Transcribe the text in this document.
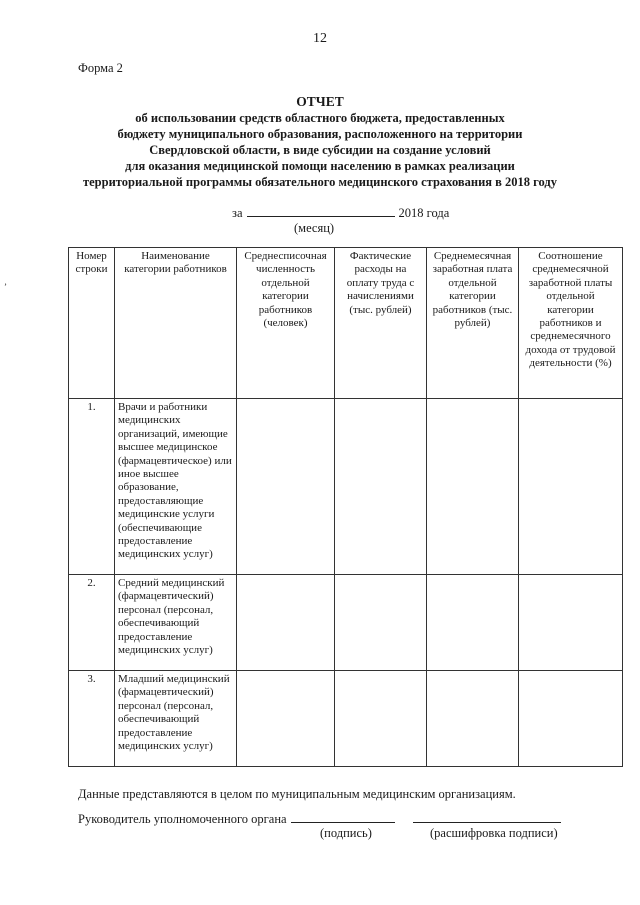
12
Форма 2
’
ОТЧЕТ
об использовании средств областного бюджета, предоставленных
бюджету муниципального образования, расположенного на территории
Свердловской области, в виде субсидии на создание условий
для оказания медицинской помощи населению в рамках реализации
территориальной программы обязательного медицинского страхования в 2018 году
за	2018 года
(месяц)
Номер строки	Наименование категории работников	Среднесписочная численность отдельной категории работников (человек)	Фактические расходы на оплату труда с начислениями (тыс. рублей)	Среднемесячная заработная плата отдельной категории работников (тыс. рублей)	Соотношение среднемесячной заработной платы отдельной категории работников и среднемесячного дохода от трудовой деятельности (%)
1.	Врачи и работники медицинских организаций, имеющие высшее медицинское (фармацевтическое) или иное высшее образование, предоставляющие медицинские услуги (обеспечивающие предоставление медицинских услуг)				
2.	Средний медицинский (фармацевтический) персонал (персонал, обеспечивающий предоставление медицинских услуг)				
3.	Младший медицинский (фармацевтический) персонал (персонал, обеспечивающий предоставление медицинских услуг)				
Данные представляются в целом по муниципальным медицинским организациям.
Руководитель уполномоченного органа
(подпись)	(расшифровка подписи)
